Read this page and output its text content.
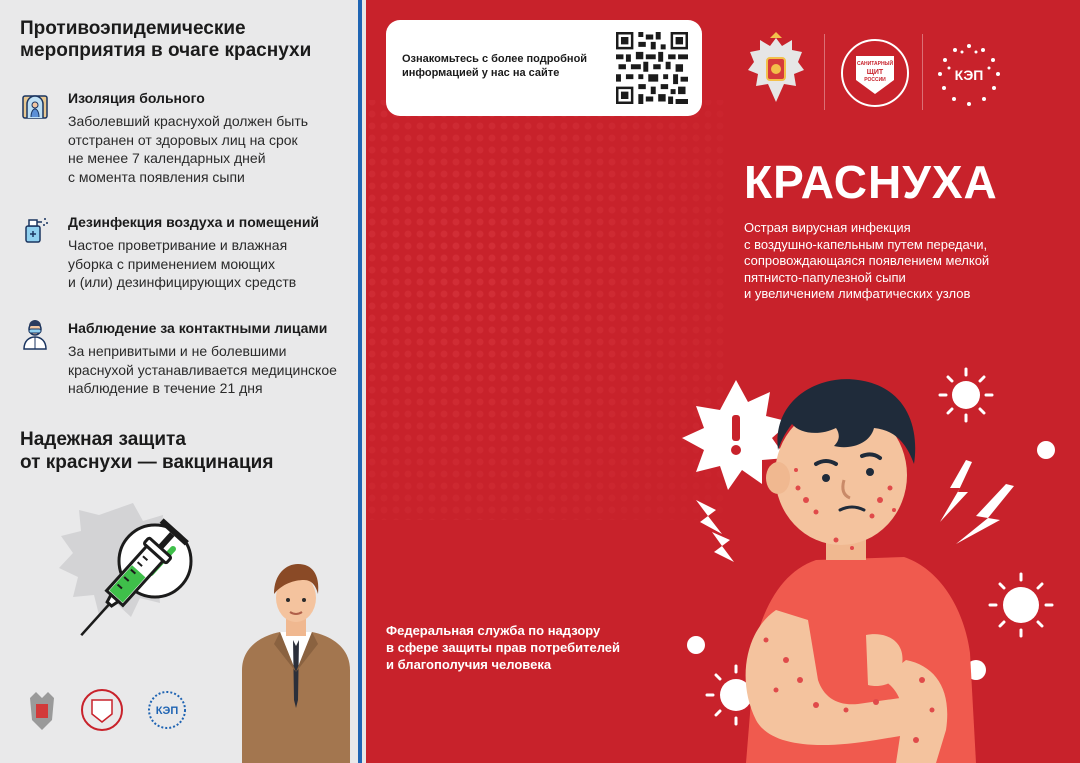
Противоэпидемические
мероприятия в очаге краснухи
Изоляция больного
Заболевший краснухой должен быть
отстранен от здоровых лиц на срок
не менее 7 календарных дней
с момента появления сыпи
Дезинфекция воздуха и помещений
Частое проветривание и влажная
уборка с применением моющих
и (или) дезинфицирующих средств
Наблюдение за контактными лицами
За непривитыми и не болевшими
краснухой устанавливается медицинское
наблюдение в течение 21 дня
Надежная защита
от краснухи — вакцинация
КЭП
Ознакомьтесь с более подробной
информацией у нас на сайте
САНИТАРНЫЙ
ЩИТ
РОССИИ	КЭП
КРАСНУХА
Острая вирусная инфекция
с воздушно-капельным путем передачи,
сопровождающаяся появлением мелкой
пятнисто-папулезной сыпи
и увеличением лимфатических узлов
Федеральная служба по надзору
в сфере защиты прав потребителей
и благополучия человека
